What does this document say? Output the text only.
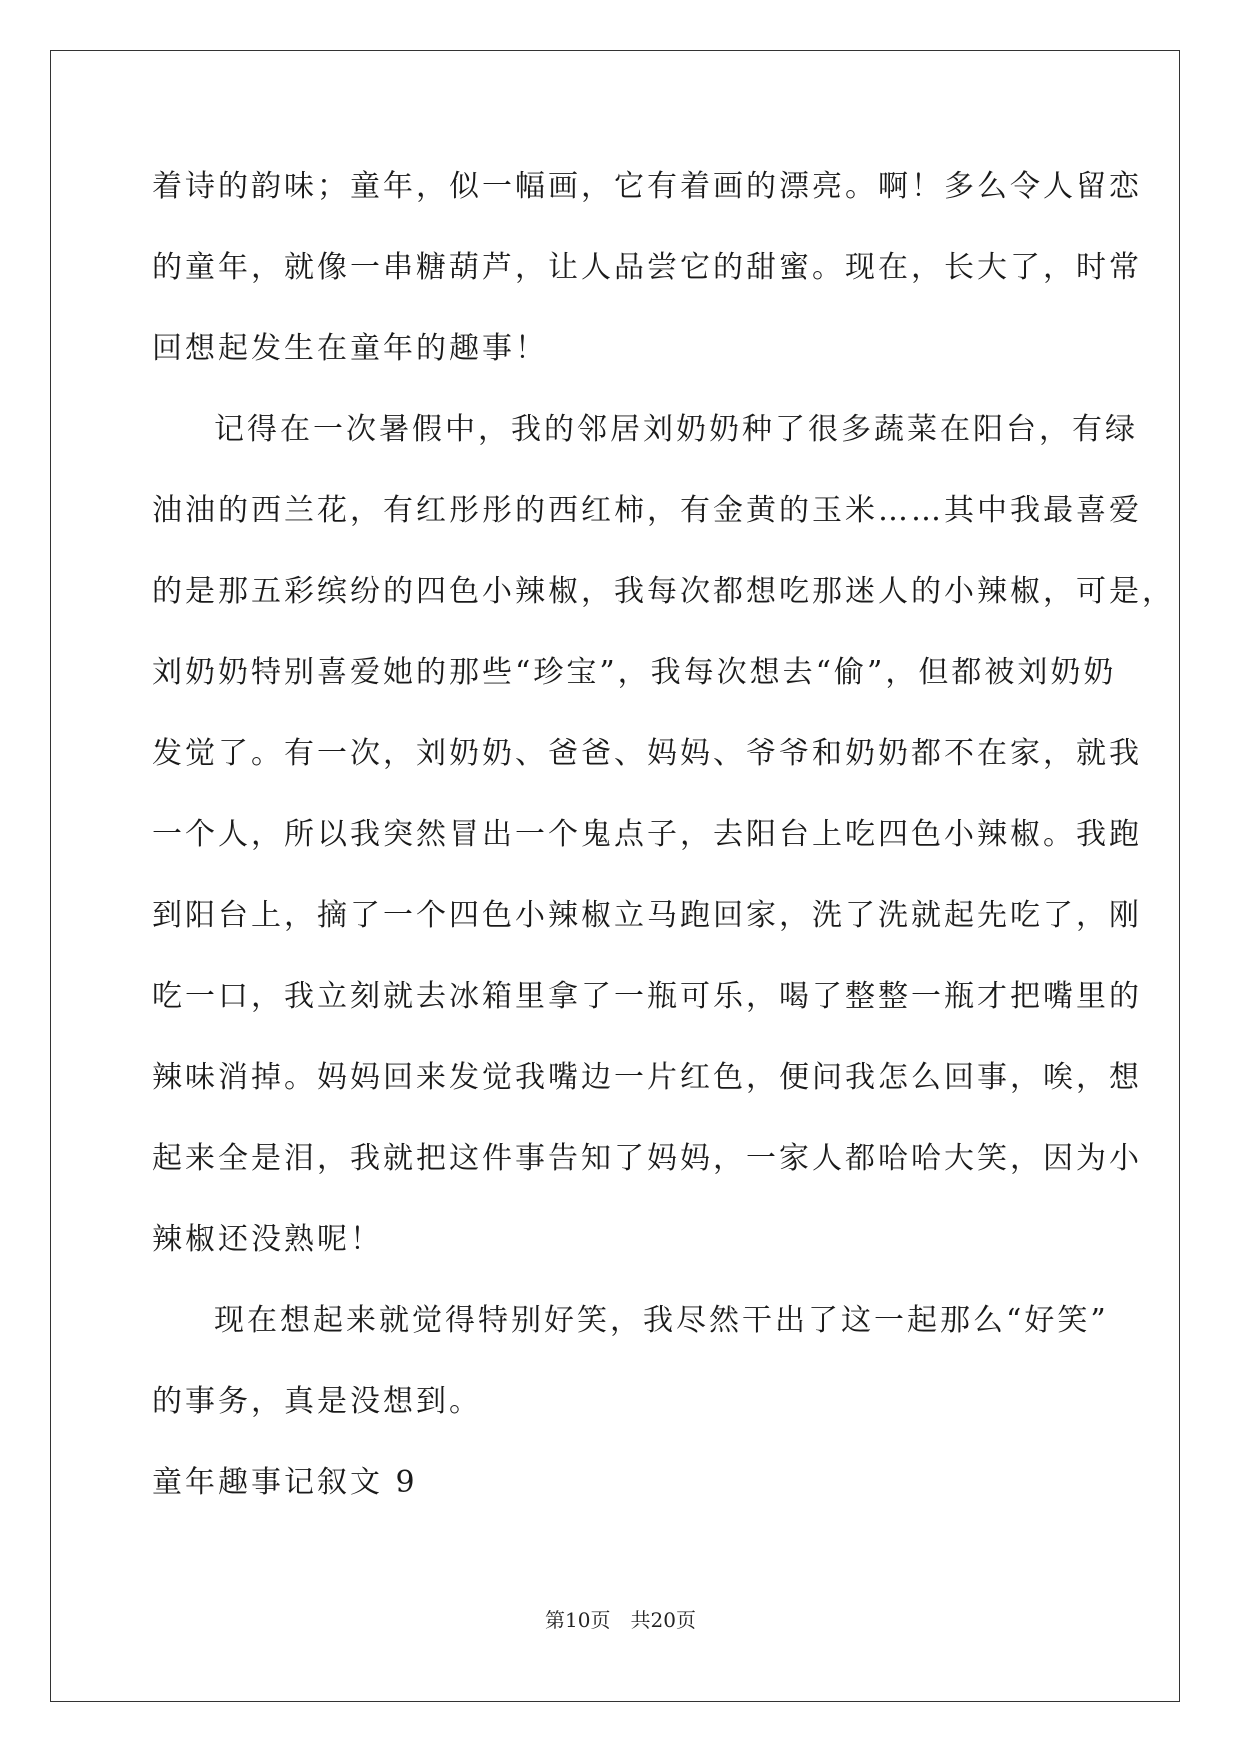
着诗的韵味；童年，似一幅画，它有着画的漂亮。啊！多么令人留恋
的童年，就像一串糖葫芦，让人品尝它的甜蜜。现在，长大了，时常
回想起发生在童年的趣事！
记得在一次暑假中，我的邻居刘奶奶种了很多蔬菜在阳台，有绿
油油的西兰花，有红彤彤的西红柿，有金黄的玉米……其中我最喜爱
的是那五彩缤纷的四色小辣椒，我每次都想吃那迷人的小辣椒，可是，
刘奶奶特别喜爱她的那些“珍宝”，我每次想去“偷”，但都被刘奶奶
发觉了。有一次，刘奶奶、爸爸、妈妈、爷爷和奶奶都不在家，就我
一个人，所以我突然冒出一个鬼点子，去阳台上吃四色小辣椒。我跑
到阳台上，摘了一个四色小辣椒立马跑回家，洗了洗就起先吃了，刚
吃一口，我立刻就去冰箱里拿了一瓶可乐，喝了整整一瓶才把嘴里的
辣味消掉。妈妈回来发觉我嘴边一片红色，便问我怎么回事，唉，想
起来全是泪，我就把这件事告知了妈妈，一家人都哈哈大笑，因为小
辣椒还没熟呢！
现在想起来就觉得特别好笑，我尽然干出了这一起那么“好笑”
的事务，真是没想到。
童年趣事记叙文 9
第10页　共20页
